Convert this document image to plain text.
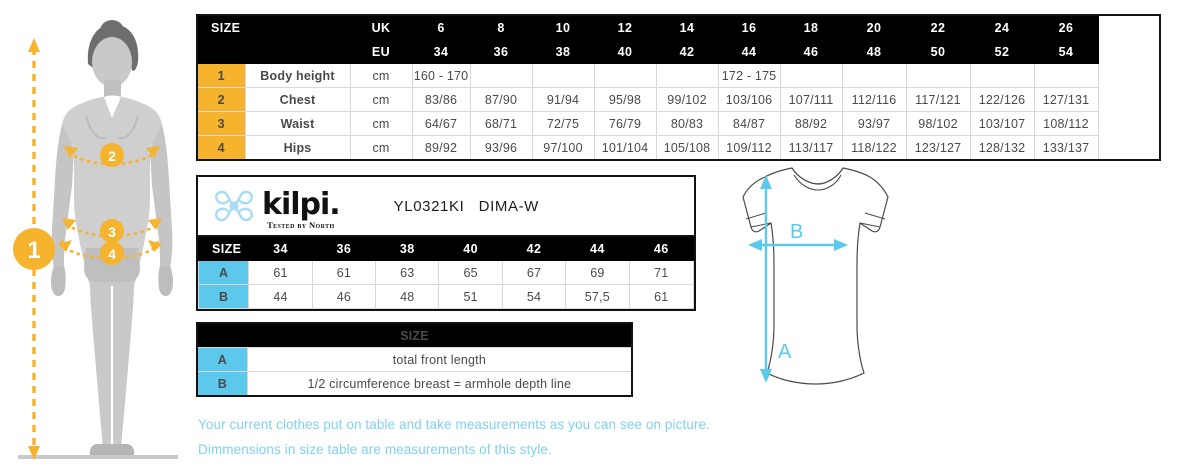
1
2
3
4
SIZE		UK	6	8	10	12	14	16	18	20	22	24	26
		EU	34	36	38	40	42	44	46	48	50	52	54
1	Body height	cm	160 - 170					172 - 175					
2	Chest	cm	83/86	87/90	91/94	95/98	99/102	103/106	107/111	112/116	117/121	122/126	127/131
3	Waist	cm	64/67	68/71	72/75	76/79	80/83	84/87	88/92	93/97	98/102	103/107	108/112
4	Hips	cm	89/92	93/96	97/100	101/104	105/108	109/112	113/117	118/122	123/127	128/132	133/137
kilpi.
Tested by North
YL0321KI   DIMA-W
SIZE	34	36	38	40	42	44	46
A	61	61	63	65	67	69	71
B	44	46	48	51	54	57,5	61
SIZE	
A	total front length
B	1/2 circumference breast = armhole depth line
Your current clothes put on table and take measurements as you can see on picture.
Dimmensions in size table are measurements of this style.
A
B
